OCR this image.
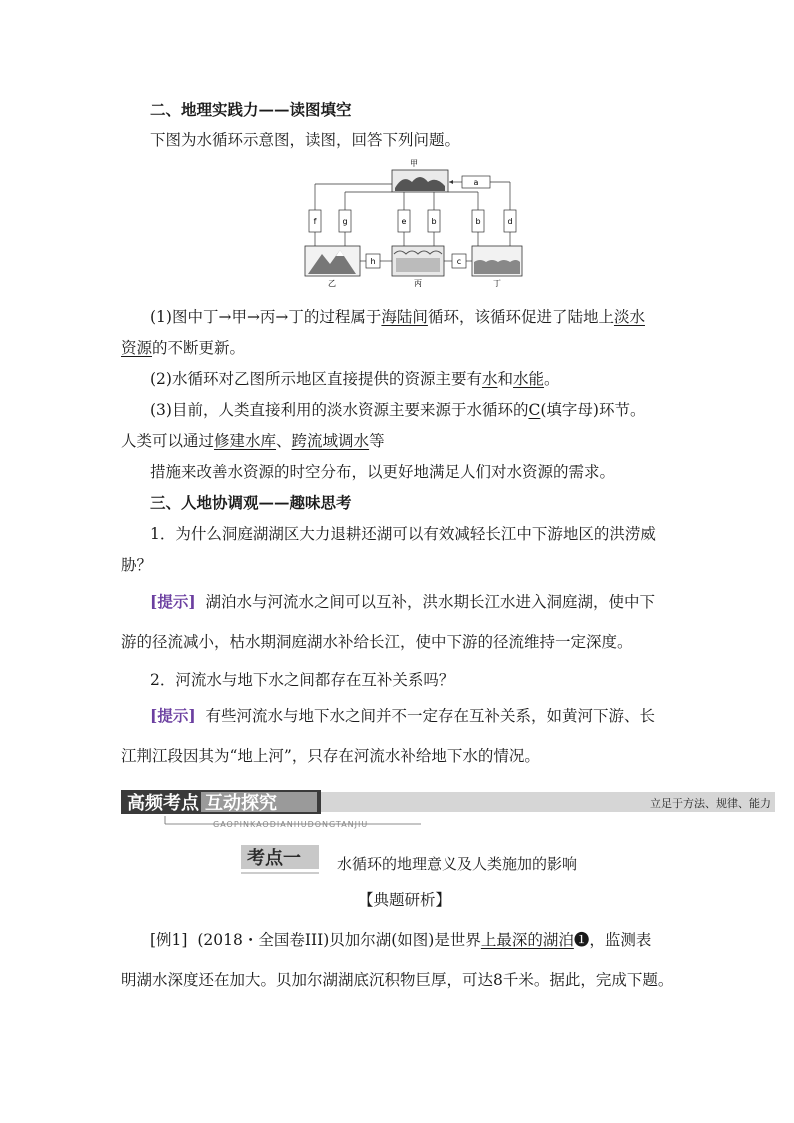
二、地理实践力——读图填空
下图为水循环示意图，读图，回答下列问题。
甲
a
f	g	e	b	b	d
乙
h
丙
c
丁
(1)图中丁→甲→丙→丁的过程属于海陆间循环，该循环促进了陆地上淡水
资源的不断更新。
(2)水循环对乙图所示地区直接提供的资源主要有水和水能。
(3)目前，人类直接利用的淡水资源主要来源于水循环的C(填字母)环节。
人类可以通过修建水库、跨流域调水等
措施来改善水资源的时空分布，以更好地满足人们对水资源的需求。
三、人地协调观——趣味思考
1．为什么洞庭湖湖区大力退耕还湖可以有效减轻长江中下游地区的洪涝威
胁？
[提示] 湖泊水与河流水之间可以互补，洪水期长江水进入洞庭湖，使中下
游的径流减小，枯水期洞庭湖水补给长江，使中下游的径流维持一定深度。
2．河流水与地下水之间都存在互补关系吗？
[提示] 有些河流水与地下水之间并不一定存在互补关系，如黄河下游、长
江荆江段因其为“地上河”，只存在河流水补给地下水的情况。
高频考点 互动探究	立足于方法、规律、能力
GAOPINKAODIANHUDONGTANJIU
考点一 水循环的地理意义及人类施加的影响
【典题研析】
[例1] (2018・全国卷III)贝加尔湖(如图)是世界上最深的湖泊❶，监测表
明湖水深度还在加大。贝加尔湖湖底沉积物巨厚，可达8千米。据此，完成下题。
